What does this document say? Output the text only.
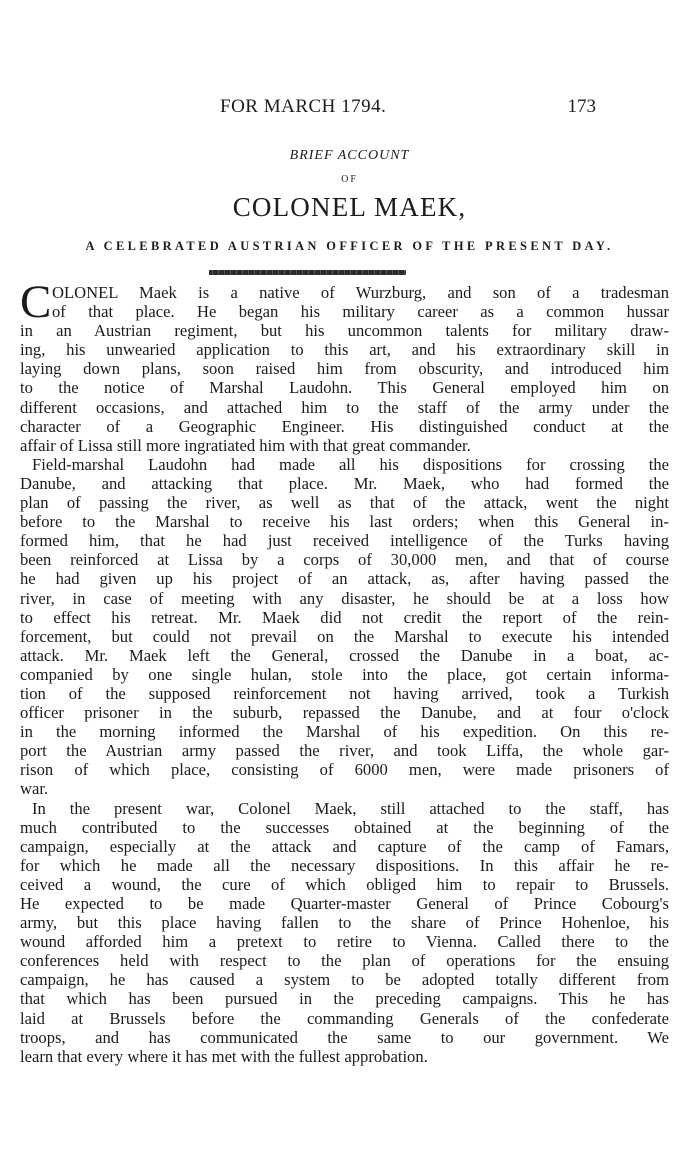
FOR MARCH 1794.	173
BRIEF ACCOUNT
OF
COLONEL MAEK,
A CELEBRATED AUSTRIAN OFFICER OF THE PRESENT DAY.
C OLONEL Maek is a native of Wurzburg, and son of a tradesman
of that place. He began his military career as a common hussar
in an Austrian regiment, but his uncommon talents for military draw-
ing, his unwearied application to this art, and his extraordinary skill in
laying down plans, soon raised him from obscurity, and introduced him
to the notice of Marshal Laudohn. This General employed him on
different occasions, and attached him to the staff of the army under the
character of a Geographic Engineer. His distinguished conduct at the
affair of Lissa still more ingratiated him with that great commander.
Field-marshal Laudohn had made all his dispositions for crossing the
Danube, and attacking that place. Mr. Maek, who had formed the
plan of passing the river, as well as that of the attack, went the night
before to the Marshal to receive his last orders; when this General in-
formed him, that he had just received intelligence of the Turks having
been reinforced at Lissa by a corps of 30,000 men, and that of course
he had given up his project of an attack, as, after having passed the
river, in case of meeting with any disaster, he should be at a loss how
to effect his retreat. Mr. Maek did not credit the report of the rein-
forcement, but could not prevail on the Marshal to execute his intended
attack. Mr. Maek left the General, crossed the Danube in a boat, ac-
companied by one single hulan, stole into the place, got certain informa-
tion of the supposed reinforcement not having arrived, took a Turkish
officer prisoner in the suburb, repassed the Danube, and at four o'clock
in the morning informed the Marshal of his expedition. On this re-
port the Austrian army passed the river, and took Liffa, the whole gar-
rison of which place, consisting of 6000 men, were made prisoners of
war.
In the present war, Colonel Maek, still attached to the staff, has
much contributed to the successes obtained at the beginning of the
campaign, especially at the attack and capture of the camp of Famars,
for which he made all the necessary dispositions. In this affair he re-
ceived a wound, the cure of which obliged him to repair to Brussels.
He expected to be made Quarter-master General of Prince Cobourg's
army, but this place having fallen to the share of Prince Hohenloe, his
wound afforded him a pretext to retire to Vienna. Called there to the
conferences held with respect to the plan of operations for the ensuing
campaign, he has caused a system to be adopted totally different from
that which has been pursued in the preceding campaigns. This he has
laid at Brussels before the commanding Generals of the confederate
troops, and has communicated the same to our government. We
learn that every where it has met with the fullest approbation.
